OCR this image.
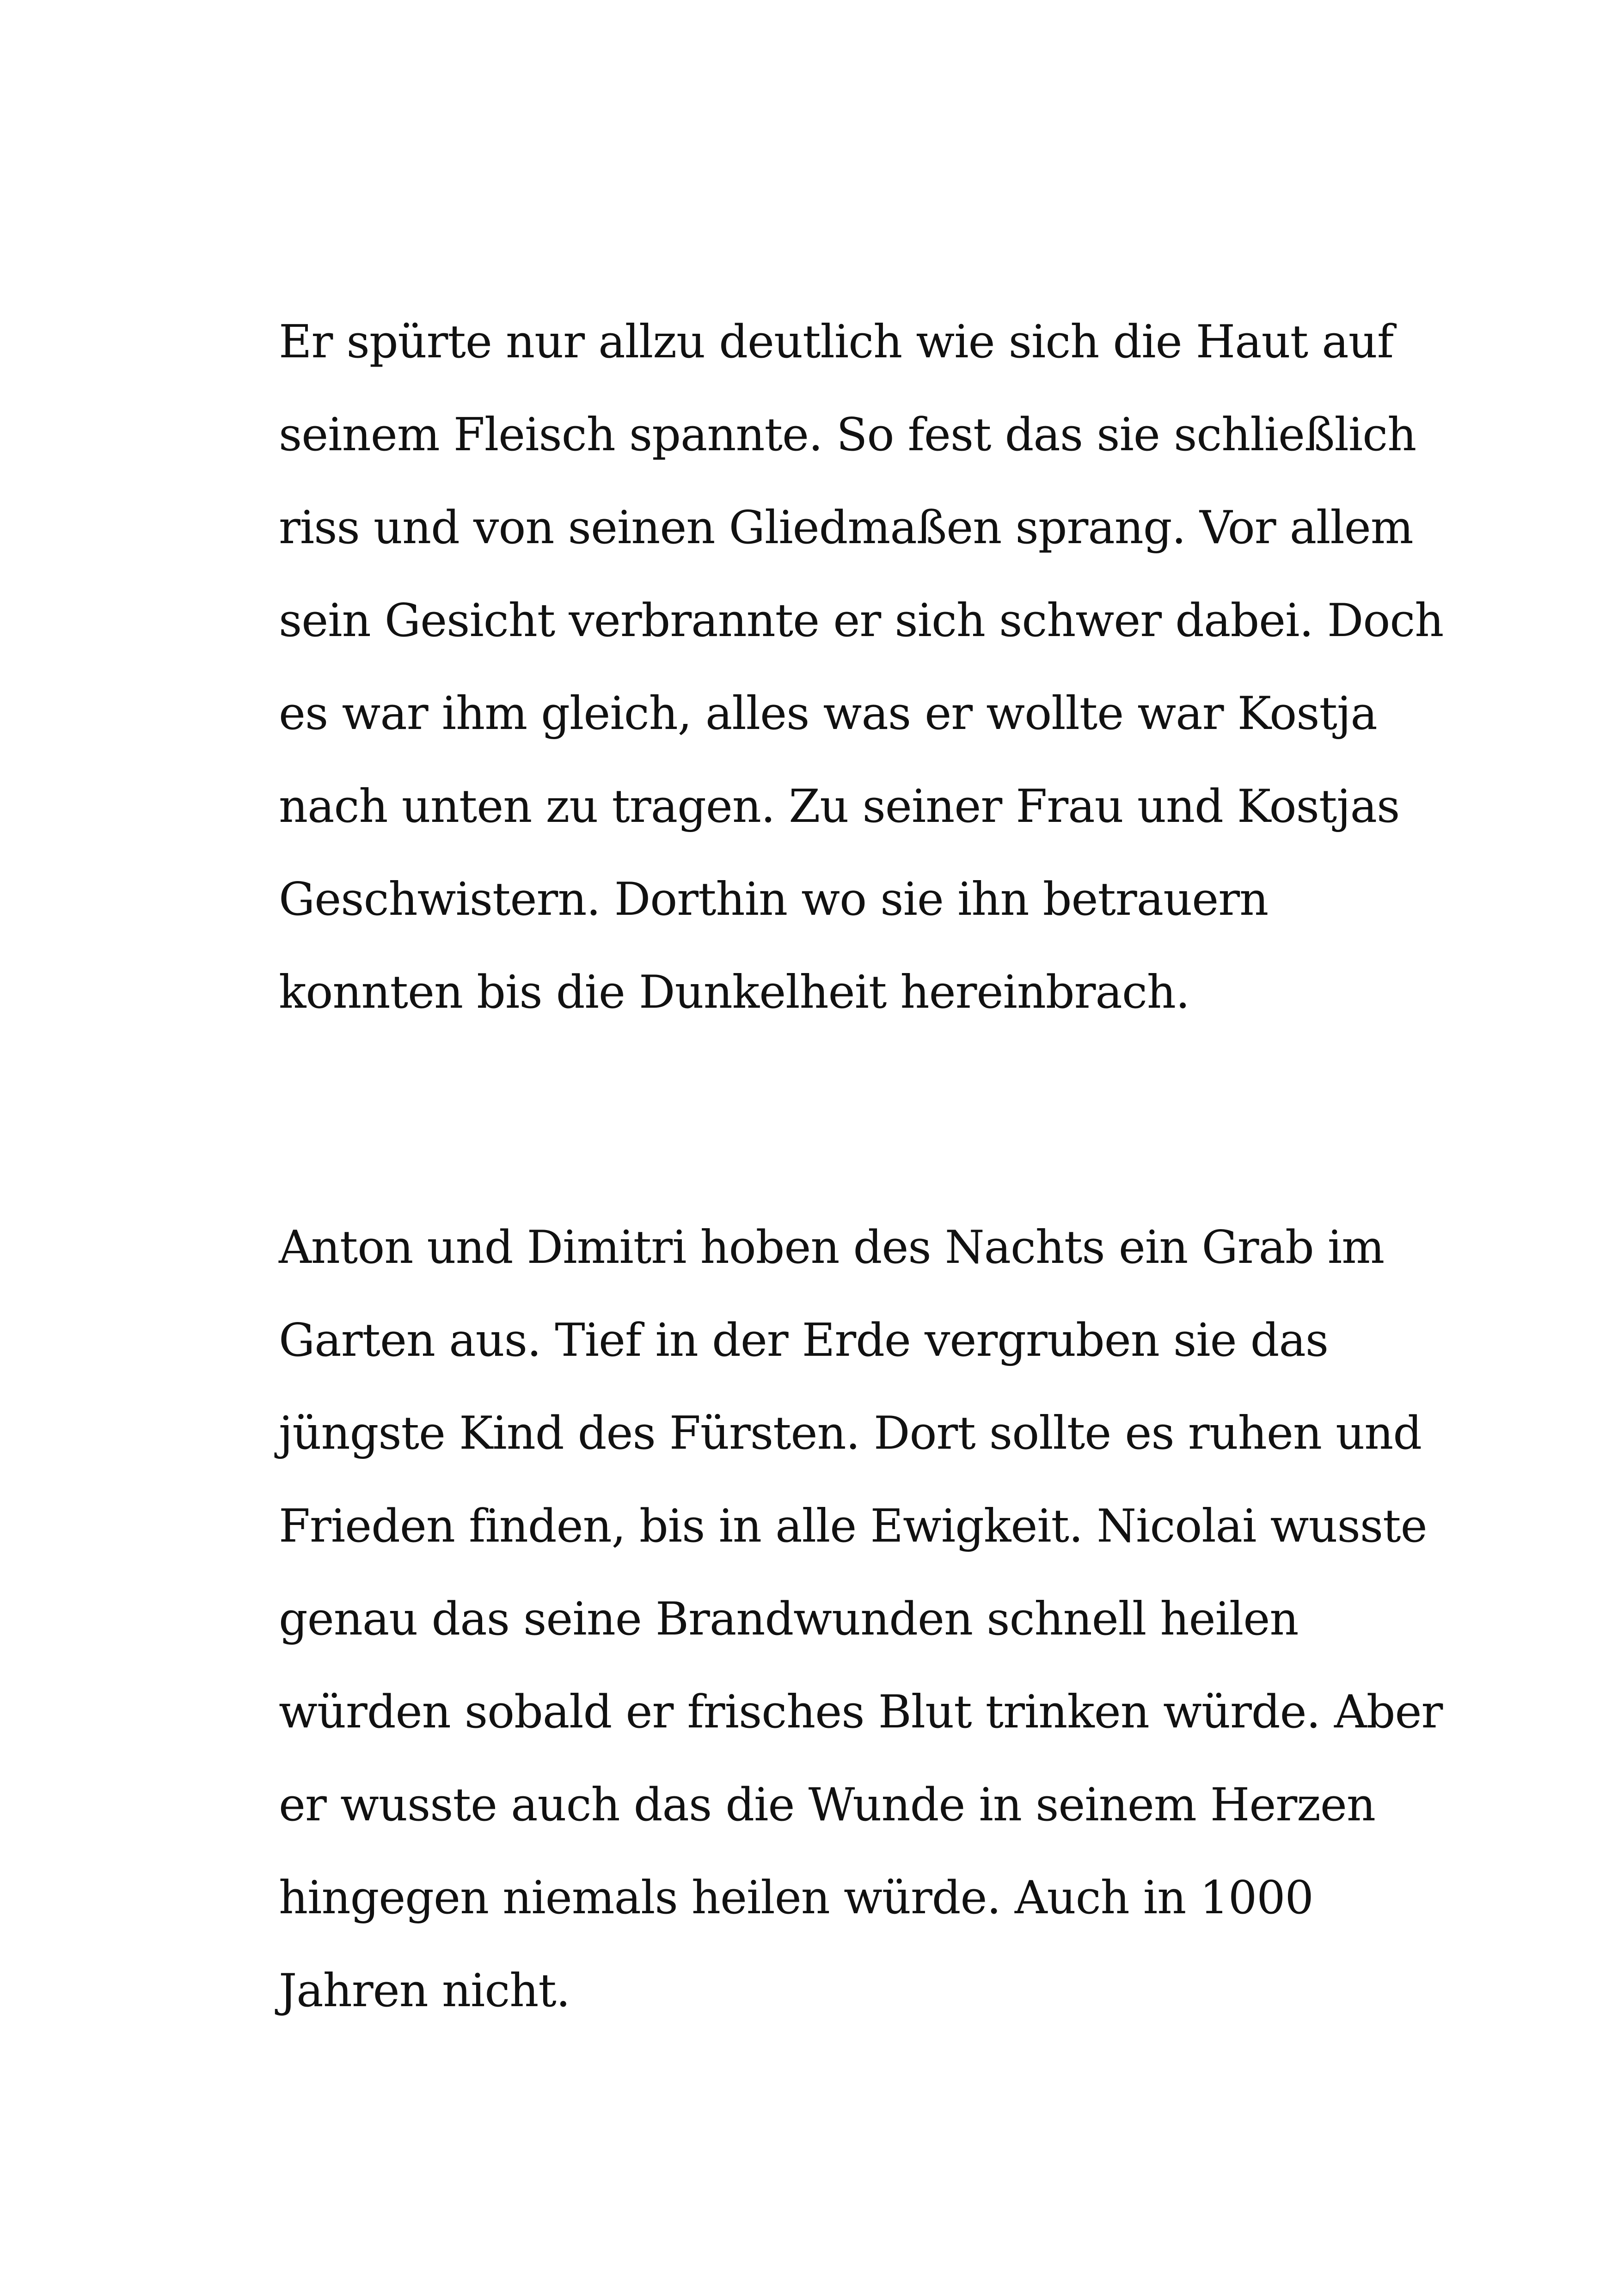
Er spürte nur allzu deutlich wie sich die Haut auf
seinem Fleisch spannte. So fest das sie schließlich
riss und von seinen Gliedmaßen sprang. Vor allem
sein Gesicht verbrannte er sich schwer dabei. Doch
es war ihm gleich, alles was er wollte war Kostja
nach unten zu tragen. Zu seiner Frau und Kostjas
Geschwistern. Dorthin wo sie ihn betrauern
konnten bis die Dunkelheit hereinbrach.
Anton und Dimitri hoben des Nachts ein Grab im
Garten aus. Tief in der Erde vergruben sie das
jüngste Kind des Fürsten. Dort sollte es ruhen und
Frieden finden, bis in alle Ewigkeit. Nicolai wusste
genau das seine Brandwunden schnell heilen
würden sobald er frisches Blut trinken würde. Aber
er wusste auch das die Wunde in seinem Herzen
hingegen niemals heilen würde. Auch in 1000
Jahren nicht.
